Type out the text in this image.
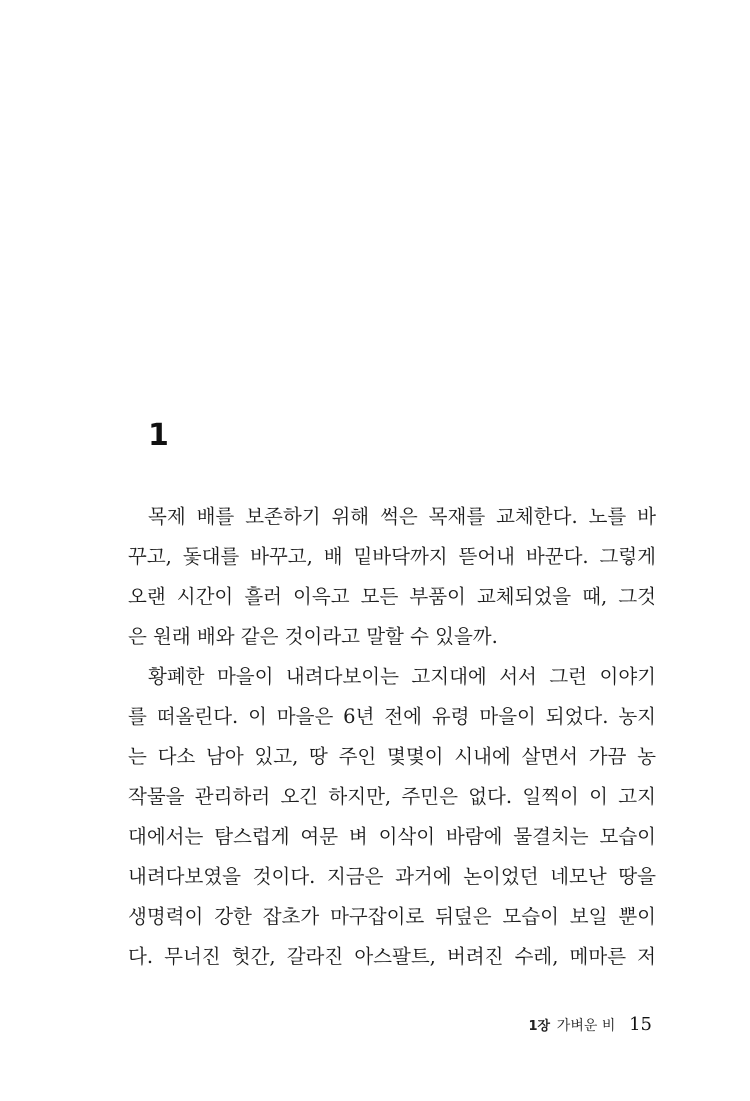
1
목제 배를 보존하기 위해 썩은 목재를 교체한다. 노를 바
꾸고, 돛대를 바꾸고, 배 밑바닥까지 뜯어내 바꾼다. 그렇게
오랜 시간이 흘러 이윽고 모든 부품이 교체되었을 때, 그것
은 원래 배와 같은 것이라고 말할 수 있을까.
황폐한 마을이 내려다보이는 고지대에 서서 그런 이야기
를 떠올린다. 이 마을은 6년 전에 유령 마을이 되었다. 농지
는 다소 남아 있고, 땅 주인 몇몇이 시내에 살면서 가끔 농
작물을 관리하러 오긴 하지만, 주민은 없다. 일찍이 이 고지
대에서는 탐스럽게 여문 벼 이삭이 바람에 물결치는 모습이
내려다보였을 것이다. 지금은 과거에 논이었던 네모난 땅을
생명력이 강한 잡초가 마구잡이로 뒤덮은 모습이 보일 뿐이
다. 무너진 헛간, 갈라진 아스팔트, 버려진 수레, 메마른 저
1장 가벼운 비 15
